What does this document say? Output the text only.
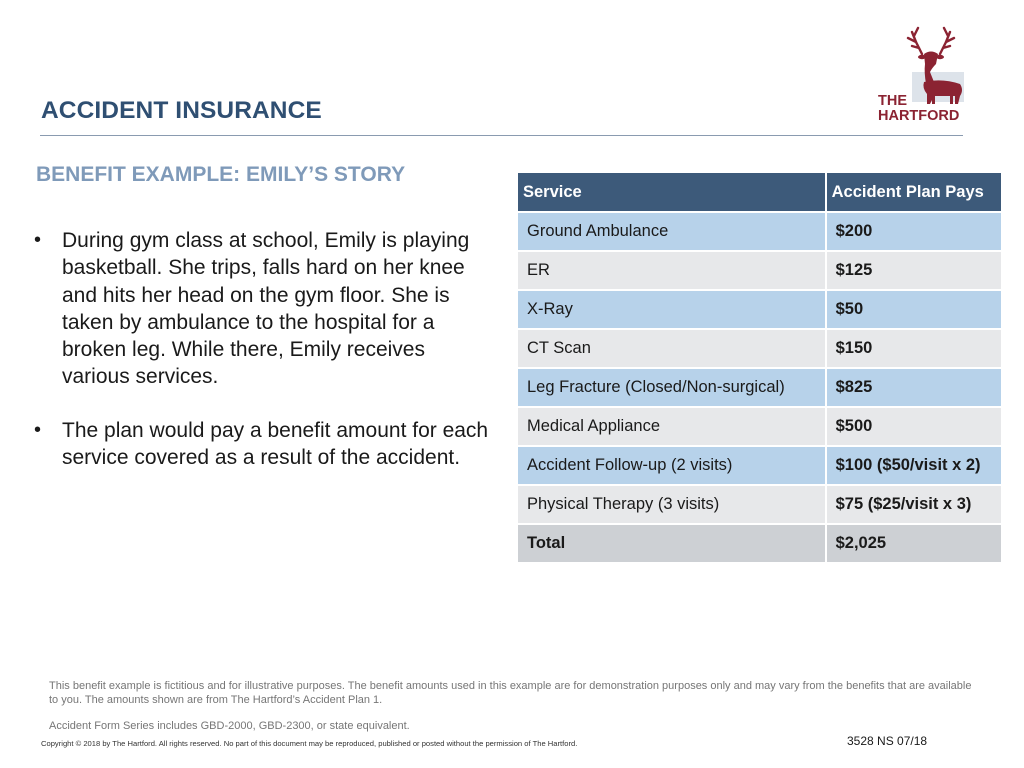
ACCIDENT INSURANCE	THE
HARTFORD
BENEFIT EXAMPLE: EMILY’S STORY
• During gym class at school, Emily is playing basketball. She trips, falls hard on her knee and hits her head on the gym floor. She is taken by ambulance to the hospital for a broken leg. While there, Emily receives various services.
• The plan would pay a benefit amount for each service covered as a result of the accident.
Service	Accident Plan Pays
Ground Ambulance	$200
ER	$125
X-Ray	$50
CT Scan	$150
Leg Fracture (Closed/Non-surgical)	$825
Medical Appliance	$500
Accident Follow-up (2 visits)	$100 ($50/visit x 2)
Physical Therapy (3 visits)	$75 ($25/visit x 3)
Total	$2,025

This benefit example is fictitious and for illustrative purposes. The benefit amounts used in this example are for demonstration purposes only and may vary from the benefits that are available to you. The amounts shown are from The Hartford’s Accident Plan 1.

Accident Form Series includes GBD-2000, GBD-2300, or state equivalent.

Copyright © 2018 by The Hartford. All rights reserved. No part of this document may be reproduced, published or posted without the permission of The Hartford.	3528 NS 07/18
